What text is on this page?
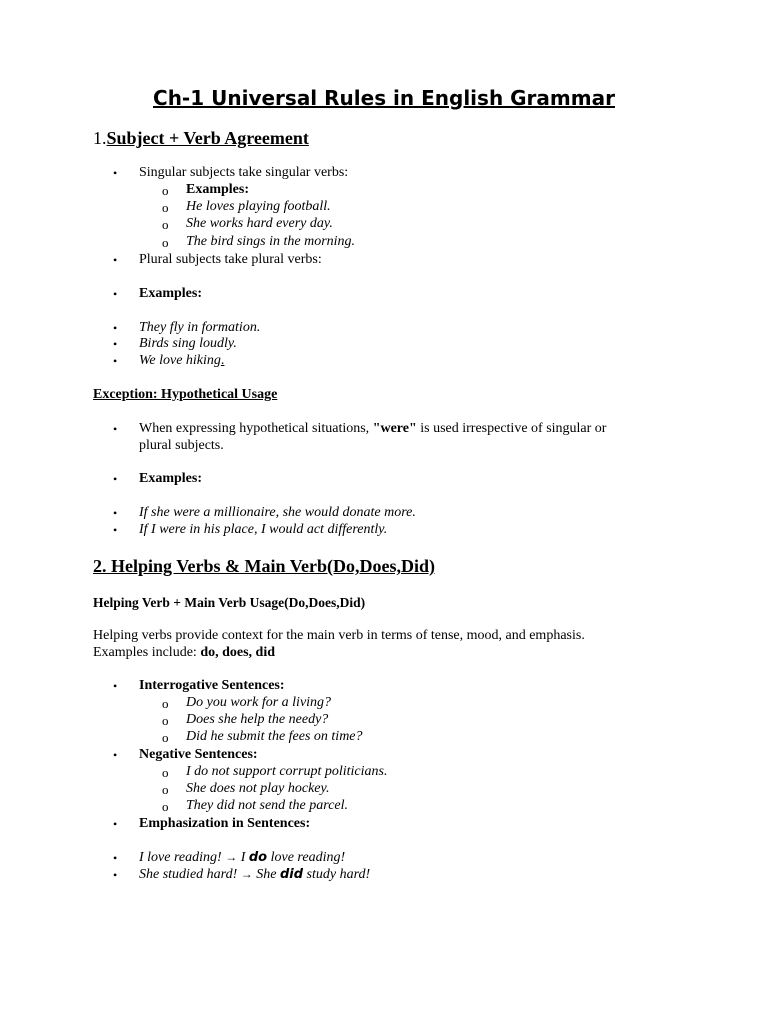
Ch-1 Universal Rules in English Grammar
1.Subject + Verb Agreement
•	Singular subjects take singular verbs:
o	Examples:
o	He loves playing football.
o	She works hard every day.
o	The bird sings in the morning.
•	Plural subjects take plural verbs:
•	Examples:
•	They fly in formation.
•	Birds sing loudly.
•	We love hiking.
Exception: Hypothetical Usage
•	When expressing hypothetical situations, "were" is used irrespective of singular or
plural subjects.
•	Examples:
•	If she were a millionaire, she would donate more.
•	If I were in his place, I would act differently.
2. Helping Verbs & Main Verb(Do,Does,Did)
Helping Verb + Main Verb Usage(Do,Does,Did)
Helping verbs provide context for the main verb in terms of tense, mood, and emphasis.
Examples include: do, does, did
•	Interrogative Sentences:
o	Do you work for a living?
o	Does she help the needy?
o	Did he submit the fees on time?
•	Negative Sentences:
o	I do not support corrupt politicians.
o	She does not play hockey.
o	They did not send the parcel.
•	Emphasization in Sentences:
•	I love reading! → I do love reading!
•	She studied hard! → She did study hard!
